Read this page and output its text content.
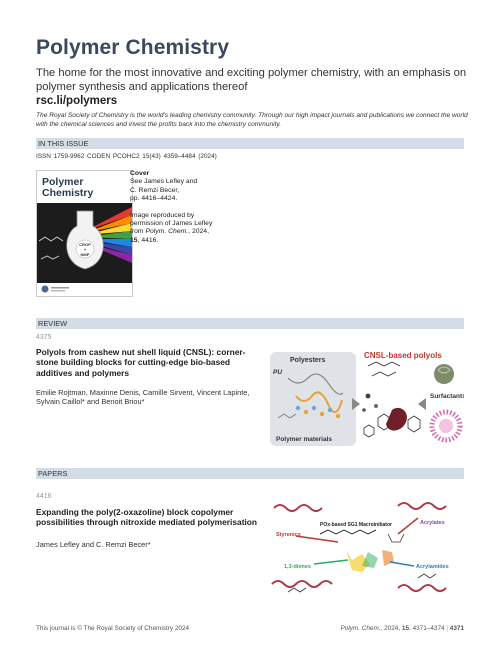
Polymer Chemistry
The home for the most innovative and exciting polymer chemistry, with an emphasis on polymer synthesis and applications thereof
rsc.li/polymers
The Royal Society of Chemistry is the world's leading chemistry community. Through our high impact journals and publications we connect the world with the chemical sciences and invest the profits back into the chemistry community.
IN THIS ISSUE
ISSN 1759-9962 CODEN PCOHC2 15(43) 4359–4484 (2024)
Polymer
Chemistry
CROP
+
NMP
Cover
See James Lefley and
C. Remzi Becer,
pp. 4416–4424.
Image reproduced by
permission of James Lefley
from Polym. Chem., 2024,
15, 4416.
REVIEW
4375
Polyols from cashew nut shell liquid (CNSL): corner-stone building blocks for cutting-edge bio-based additives and polymers
Emilie Rojtman, Maxinne Denis, Camille Sirvent, Vincent Lapinte, Sylvain Caillol* and Benoit Briou*
Polyesters
PU
Polymer materials
CNSL-based polyols
Surfactants
PAPERS
4416
Expanding the poly(2-oxazoline) block copolymer possibilities through nitroxide mediated polymerisation
James Lefley and C. Remzi Becer*
POx-based SG1 Macroinitiator
Styrenics
Acrylates
1,3-dienes	Acrylamides
This journal is © The Royal Society of Chemistry 2024	Polym. Chem., 2024, 15, 4371–4374 | 4371
